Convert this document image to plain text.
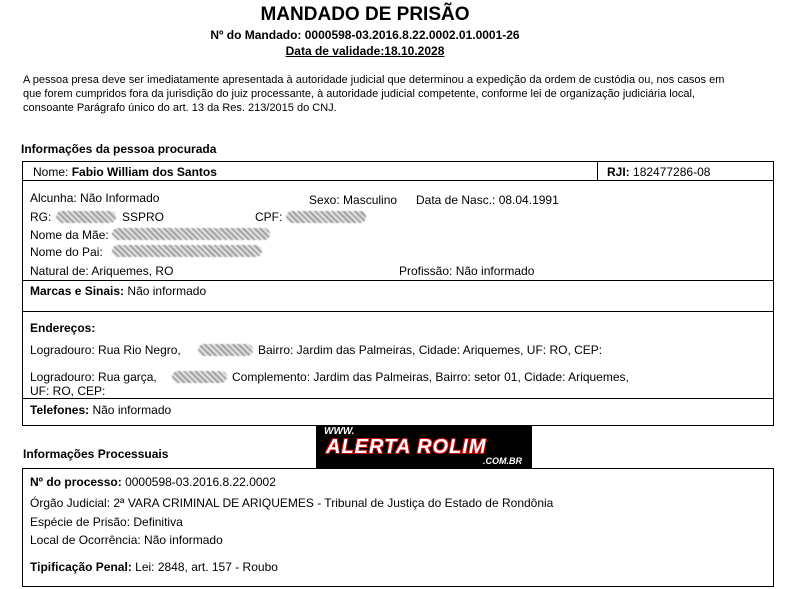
MANDADO DE PRISÃO
Nº do Mandado: 0000598-03.2016.8.22.0002.01.0001-26
Data de validade:18.10.2028
A pessoa presa deve ser imediatamente apresentada à autoridade judicial que determinou a expedição da ordem de custódia ou, nos casos em que forem cumpridos fora da jurisdição do juiz processante, à autoridade judicial competente, conforme lei de organização judiciária local, consoante Parágrafo único do art. 13 da Res. 213/2015 do CNJ.
Informações da pessoa procurada
Nome: Fabio William dos Santos	RJI: 182477286-08
Alcunha: Não Informado	Sexo: Masculino Data de Nasc.: 08.04.1991
RG:	SSPRO	CPF:
Nome da Mãe:
Nome do Pai:
Natural de: Ariquemes, RO	Profissão: Não informado
Marcas e Sinais: Não informado
Endereços:
Logradouro: Rua Rio Negro,	Bairro: Jardim das Palmeiras, Cidade: Ariquemes, UF: RO, CEP:
Logradouro: Rua garça,	Complemento: Jardim das Palmeiras, Bairro: setor 01, Cidade: Ariquemes,
UF: RO, CEP:
Telefones: Não informado
Informações Processuais
WWW.
ALERTA ROLIM
.COM.BR
Nº do processo: 0000598-03.2016.8.22.0002
Órgão Judicial: 2ª VARA CRIMINAL DE ARIQUEMES - Tribunal de Justiça do Estado de Rondônia
Espécie de Prisão: Definitiva
Local de Ocorrência: Não informado
Tipificação Penal: Lei: 2848, art. 157 - Roubo
